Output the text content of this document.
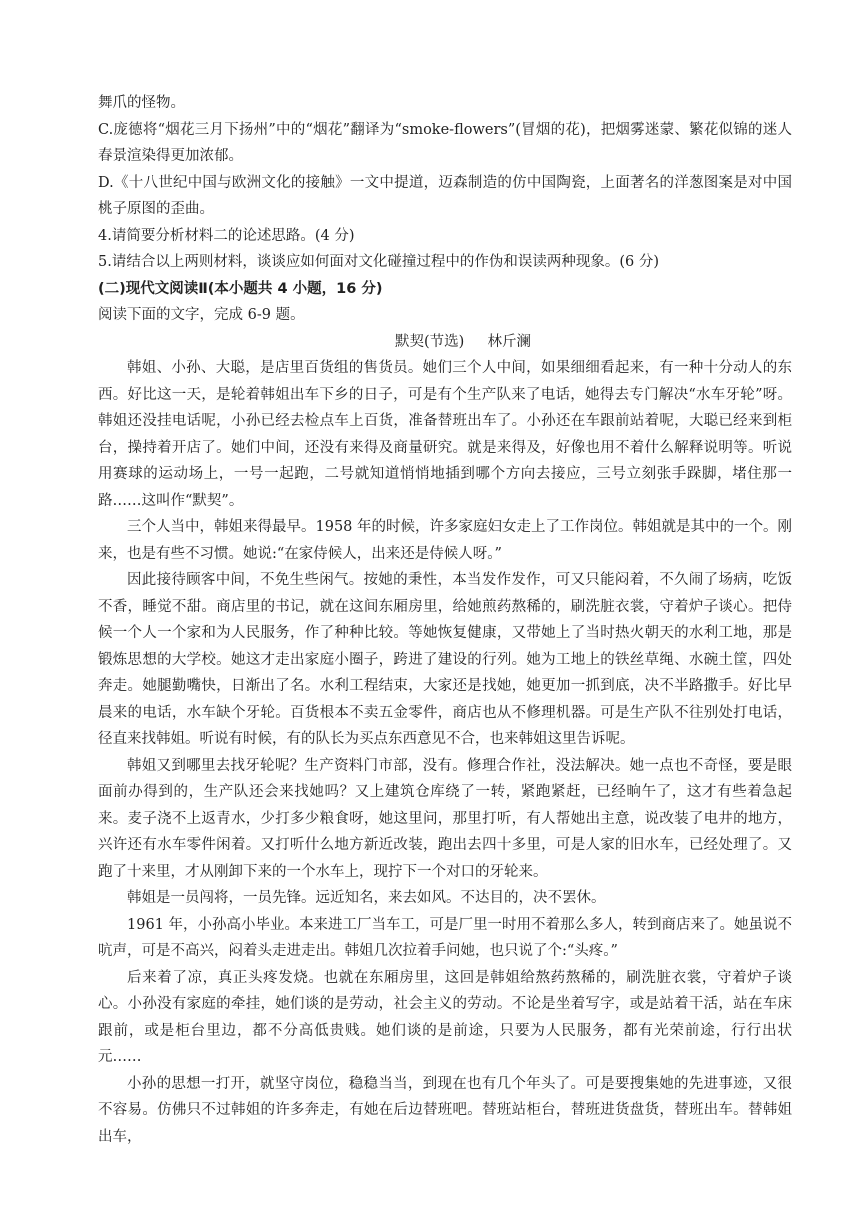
舞爪的怪物。

C.庞德将“烟花三月下扬州”中的“烟花”翻译为“smoke-flowers”(冒烟的花)，把烟雾迷蒙、繁花似锦的迷人春景渲染得更加浓郁。

D.《十八世纪中国与欧洲文化的接触》一文中提道，迈森制造的仿中国陶瓷，上面著名的洋葱图案是对中国桃子原图的歪曲。

4.请简要分析材料二的论述思路。(4 分)

5.请结合以上两则材料，谈谈应如何面对文化碰撞过程中的作伪和误读两种现象。(6 分)

(二)现代文阅读Ⅱ(本小题共 4 小题，16 分)

阅读下面的文字，完成 6-9 题。

默契(节选) 林斤澜

韩姐、小孙、大聪，是店里百货组的售货员。她们三个人中间，如果细细看起来，有一种十分动人的东西。好比这一天，是轮着韩姐出车下乡的日子，可是有个生产队来了电话，她得去专门解决“水车牙轮”呀。韩姐还没挂电话呢，小孙已经去检点车上百货，准备替班出车了。小孙还在车跟前站着呢，大聪已经来到柜台，操持着开店了。她们中间，还没有来得及商量研究。就是来得及，好像也用不着什么解释说明等。听说用赛球的运动场上，一号一起跑，二号就知道悄悄地插到哪个方向去接应，三号立刻张手跺脚，堵住那一路……这叫作“默契”。

三个人当中，韩姐来得最早。1958 年的时候，许多家庭妇女走上了工作岗位。韩姐就是其中的一个。刚来，也是有些不习惯。她说:“在家侍候人，出来还是侍候人呀。”

因此接待顾客中间，不免生些闲气。按她的秉性，本当发作发作，可又只能闷着，不久闹了场病，吃饭不香，睡觉不甜。商店里的书记，就在这间东厢房里，给她煎药熬稀的，刷洗脏衣裳，守着炉子谈心。把侍候一个人一个家和为人民服务，作了种种比较。等她恢复健康，又带她上了当时热火朝天的水利工地，那是锻炼思想的大学校。她这才走出家庭小圈子，跨进了建设的行列。她为工地上的铁丝草绳、水碗土筐，四处奔走。她腿勤嘴快，日渐出了名。水利工程结束，大家还是找她，她更加一抓到底，决不半路撒手。好比早晨来的电话，水车缺个牙轮。百货根本不卖五金零件，商店也从不修理机器。可是生产队不往别处打电话，径直来找韩姐。听说有时候，有的队长为买点东西意见不合，也来韩姐这里告诉呢。

韩姐又到哪里去找牙轮呢？生产资料门市部，没有。修理合作社，没法解决。她一点也不奇怪，要是眼面前办得到的，生产队还会来找她吗？又上建筑仓库绕了一转，紧跑紧赶，已经晌午了，这才有些着急起来。麦子浇不上返青水，少打多少粮食呀，她这里问，那里打听，有人帮她出主意，说改装了电井的地方，兴许还有水车零件闲着。又打听什么地方新近改装，跑出去四十多里，可是人家的旧水车，已经处理了。又跑了十来里，才从刚卸下来的一个水车上，现拧下一个对口的牙轮来。

韩姐是一员闯将，一员先锋。远近知名，来去如风。不达目的，决不罢休。

1961 年，小孙高小毕业。本来进工厂当车工，可是厂里一时用不着那么多人，转到商店来了。她虽说不吭声，可是不高兴，闷着头走进走出。韩姐几次拉着手问她，也只说了个:“头疼。”

后来着了凉，真正头疼发烧。也就在东厢房里，这回是韩姐给熬药熬稀的，刷洗脏衣裳，守着炉子谈心。小孙没有家庭的牵挂，她们谈的是劳动，社会主义的劳动。不论是坐着写字，或是站着干活，站在车床跟前，或是柜台里边，都不分高低贵贱。她们谈的是前途，只要为人民服务，都有光荣前途，行行出状元……

小孙的思想一打开，就坚守岗位，稳稳当当，到现在也有几个年头了。可是要搜集她的先进事迹，又很不容易。仿佛只不过韩姐的许多奔走，有她在后边替班吧。替班站柜台，替班进货盘货，替班出车。替韩姐出车，
